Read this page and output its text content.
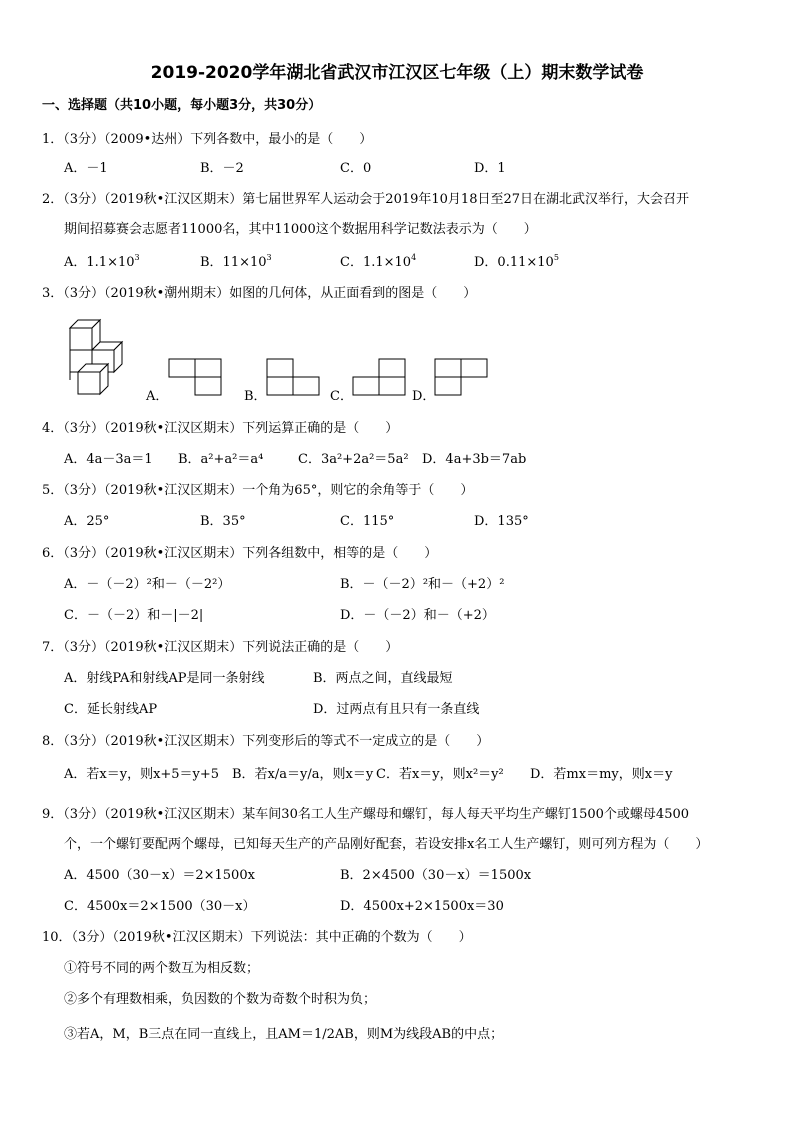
2019-2020学年湖北省武汉市江汉区七年级（上）期末数学试卷
一、选择题（共10小题，每小题3分，共30分）
1．（3分）（2009•达州）下列各数中，最小的是（　　）
A．－1	B．－2	C．0	D．1
2．（3分）（2019秋•江汉区期末）第七届世界军人运动会于2019年10月18日至27日在湖北武汉举行，大会召开
期间招募赛会志愿者11000名，其中11000这个数据用科学记数法表示为（　　）
A．$1.1\times 10^3$	B．$11\times 10^3$	C．$1.1\times 10^4$	D．$0.11\times 10^5$
3．（3分）（2019秋•潮州期末）如图的几何体，从正面看到的图是（　　）
A．	B．	C．	D．
4．（3分）（2019秋•江汉区期末）下列运算正确的是（　　）
A．4a－3a＝1 B．a²+a²＝a⁴	C．3a²+2a²＝5a² D．4a+3b＝7ab
5．（3分）（2019秋•江汉区期末）一个角为65°，则它的余角等于（　　）
A．25°	B．35°	C．115°	D．135°
6．（3分）（2019秋•江汉区期末）下列各组数中，相等的是（　　）
A．－（－2）²和－（－2²）	B．－（－2）²和－（+2）²
C．－（－2）和－|－2|	D．－（－2）和－（+2）
7．（3分）（2019秋•江汉区期末）下列说法正确的是（　　）
A．射线PA和射线AP是同一条射线	B．两点之间，直线最短
C．延长射线AP	D．过两点有且只有一条直线
8．（3分）（2019秋•江汉区期末）下列变形后的等式不一定成立的是（　　）
A．若x＝y，则x+5＝y+5 B．若x/a＝y/a，则x＝y C．若x＝y，则x²＝y² D．若mx＝my，则x＝y
9．（3分）（2019秋•江汉区期末）某车间30名工人生产螺母和螺钉，每人每天平均生产螺钉1500个或螺母4500
个，一个螺钉要配两个螺母，已知每天生产的产品刚好配套，若设安排x名工人生产螺钉，则可列方程为（　　）
A．4500（30－x）＝2×1500x	B．2×4500（30－x）＝1500x
C．4500x＝2×1500（30－x）	D．4500x+2×1500x＝30
10．（3分）（2019秋•江汉区期末）下列说法：其中正确的个数为（　　）
①符号不同的两个数互为相反数；
②多个有理数相乘，负因数的个数为奇数个时积为负；
③若A，M，B三点在同一直线上，且AM＝1/2AB，则M为线段AB的中点；
